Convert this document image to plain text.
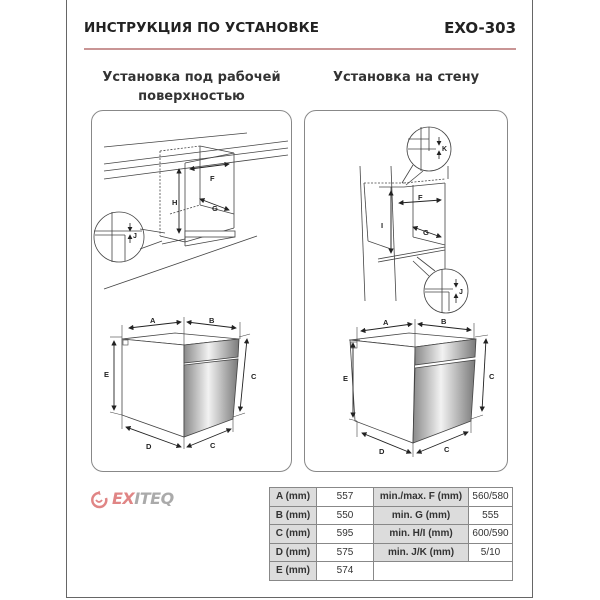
ИНСТРУКЦИЯ ПО УСТАНОВКЕ	EXO-303
Установка под рабочей
поверхностью
Установка на стену
H
F
G
J
A	B
E	C
D	C
I
F
G
K
J
A	B
E	C
D	C
EXITEQ	A (mm)	557	min./max. F (mm)	560/580
B (mm)	550	min. G (mm)	555
C (mm)	595	min. H/I (mm)	600/590
D (mm)	575	min. J/K (mm)	5/10
E (mm)	574		
